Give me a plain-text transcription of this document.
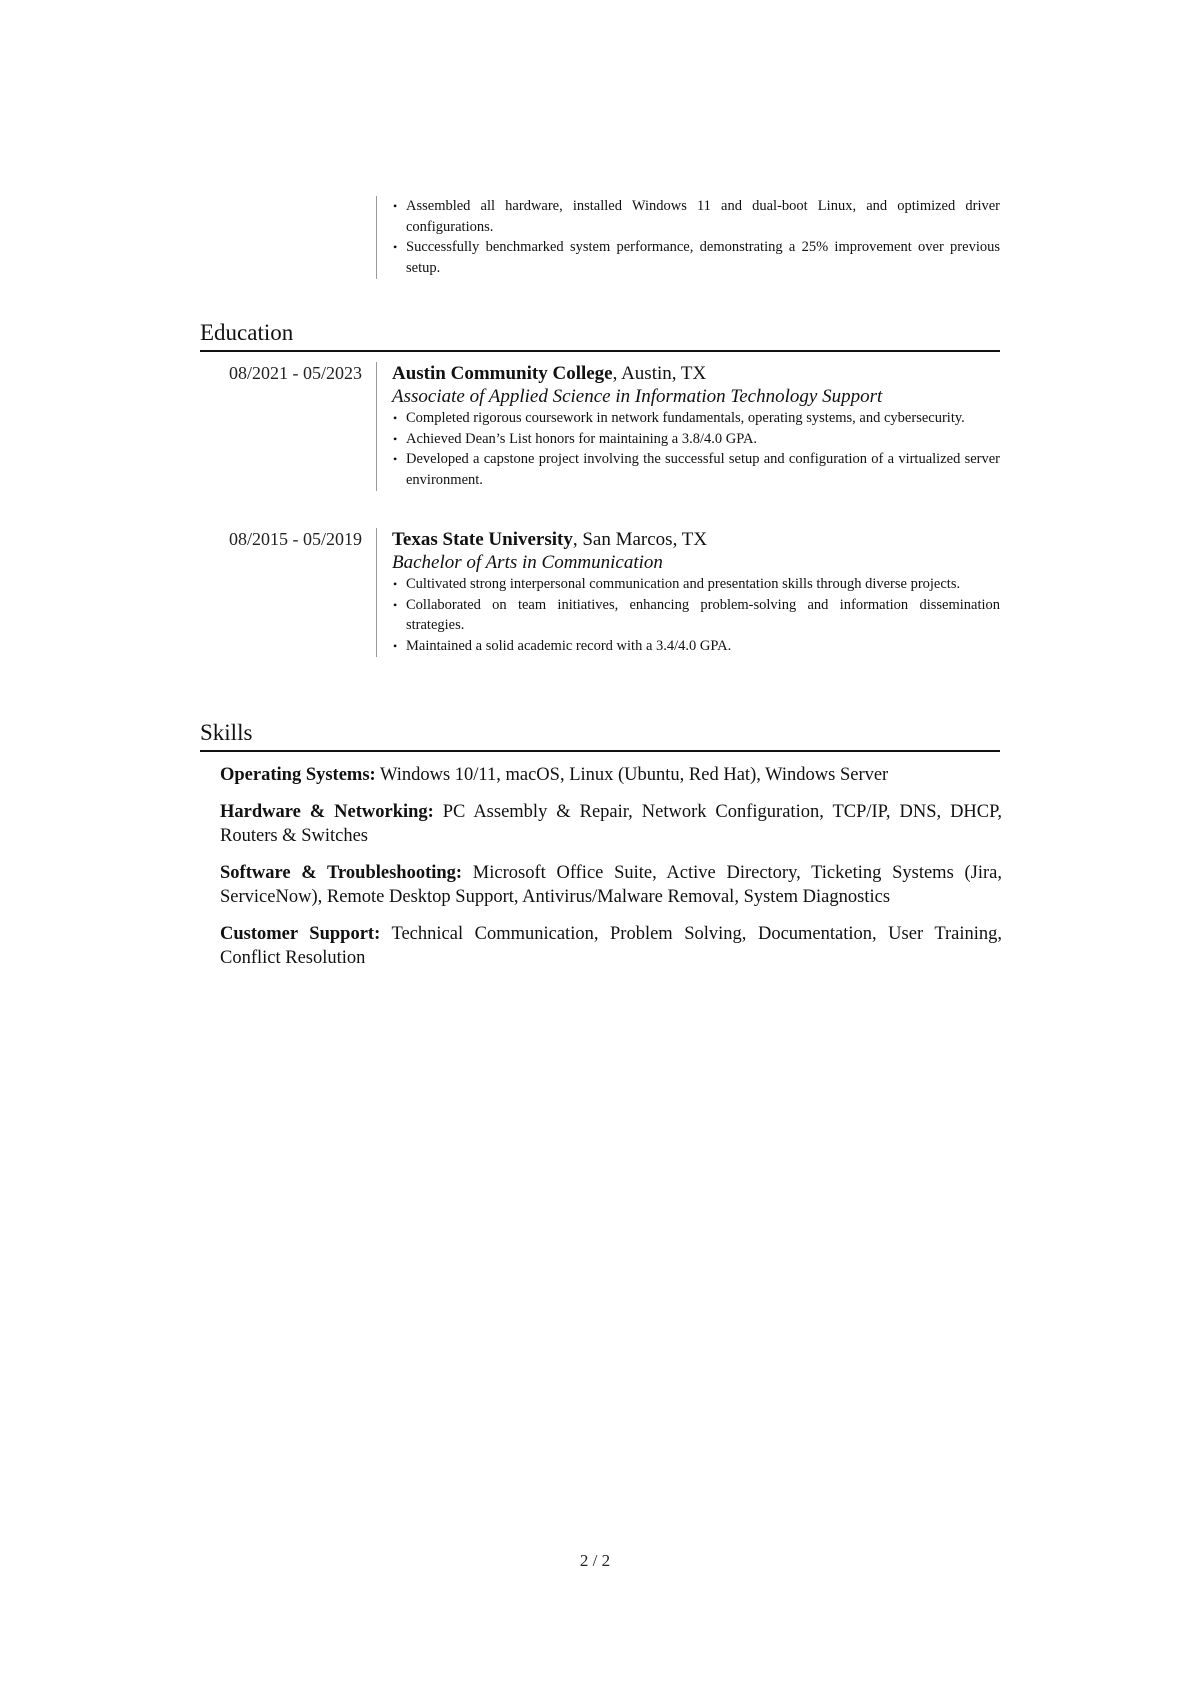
• Assembled all hardware, installed Windows 11 and dual-boot Linux, and optimized driver configurations.
• Successfully benchmarked system performance, demonstrating a 25% improvement over previous setup.
Education
08/2021 - 05/2023	Austin Community College, Austin, TX

Associate of Applied Science in Information Technology Support

• Completed rigorous coursework in network fundamentals, operating systems, and cybersecurity.
• Achieved Dean’s List honors for maintaining a 3.8/4.0 GPA.
• Developed a capstone project involving the successful setup and configuration of a virtualized server environment.
08/2015 - 05/2019	Texas State University, San Marcos, TX

Bachelor of Arts in Communication

• Cultivated strong interpersonal communication and presentation skills through diverse projects.
• Collaborated on team initiatives, enhancing problem-solving and information dissemination strategies.
• Maintained a solid academic record with a 3.4/4.0 GPA.
Skills

Operating Systems: Windows 10/11, macOS, Linux (Ubuntu, Red Hat), Windows Server

Hardware & Networking: PC Assembly & Repair, Network Configuration, TCP/IP, DNS, DHCP, Routers & Switches

Software & Troubleshooting: Microsoft Office Suite, Active Directory, Ticketing Systems (Jira, ServiceNow), Remote Desktop Support, Antivirus/Malware Removal, System Diagnostics

Customer Support: Technical Communication, Problem Solving, Documentation, User Training, Conflict Resolution

2 / 2
